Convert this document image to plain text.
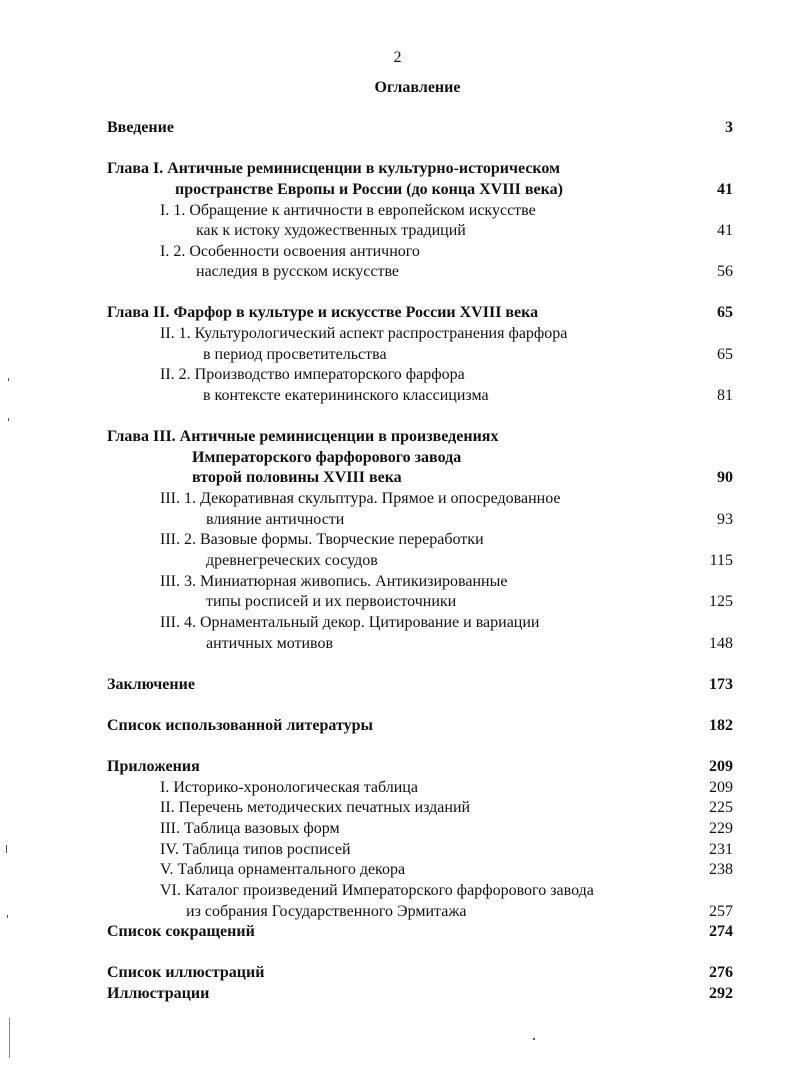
2
Оглавление
Введение	3
Глава I. Античные реминисценции в культурно-историческом
пространстве Европы и России (до конца XVIII века)	41
I. 1. Обращение к античности в европейском искусстве
как к истоку художественных традиций	41
I. 2. Особенности освоения античного
наследия в русском искусстве	56
Глава II. Фарфор в культуре и искусстве России XVIII века	65
II. 1. Культурологический аспект распространения фарфора
в период просветительства	65
II. 2. Производство императорского фарфора
в контексте екатерининского классицизма	81
Глава III. Античные реминисценции в произведениях
Императорского фарфорового завода
второй половины XVIII века	90
III. 1. Декоративная скульптура. Прямое и опосредованное
влияние античности	93
III. 2. Вазовые формы. Творческие переработки
древнегреческих сосудов	115
III. 3. Миниатюрная живопись. Антикизированные
типы росписей и их первоисточники	125
III. 4. Орнаментальный декор. Цитирование и вариации
античных мотивов	148
Заключение	173
Список использованной литературы	182
Приложения	209
I. Историко-хронологическая таблица	209
II. Перечень методических печатных изданий	225
III. Таблица вазовых форм	229
IV. Таблица типов росписей	231
V. Таблица орнаментального декора	238
VI. Каталог произведений Императорского фарфорового завода
из собрания Государственного Эрмитажа	257
Список сокращений	274
Список иллюстраций	276
Иллюстрации	292
